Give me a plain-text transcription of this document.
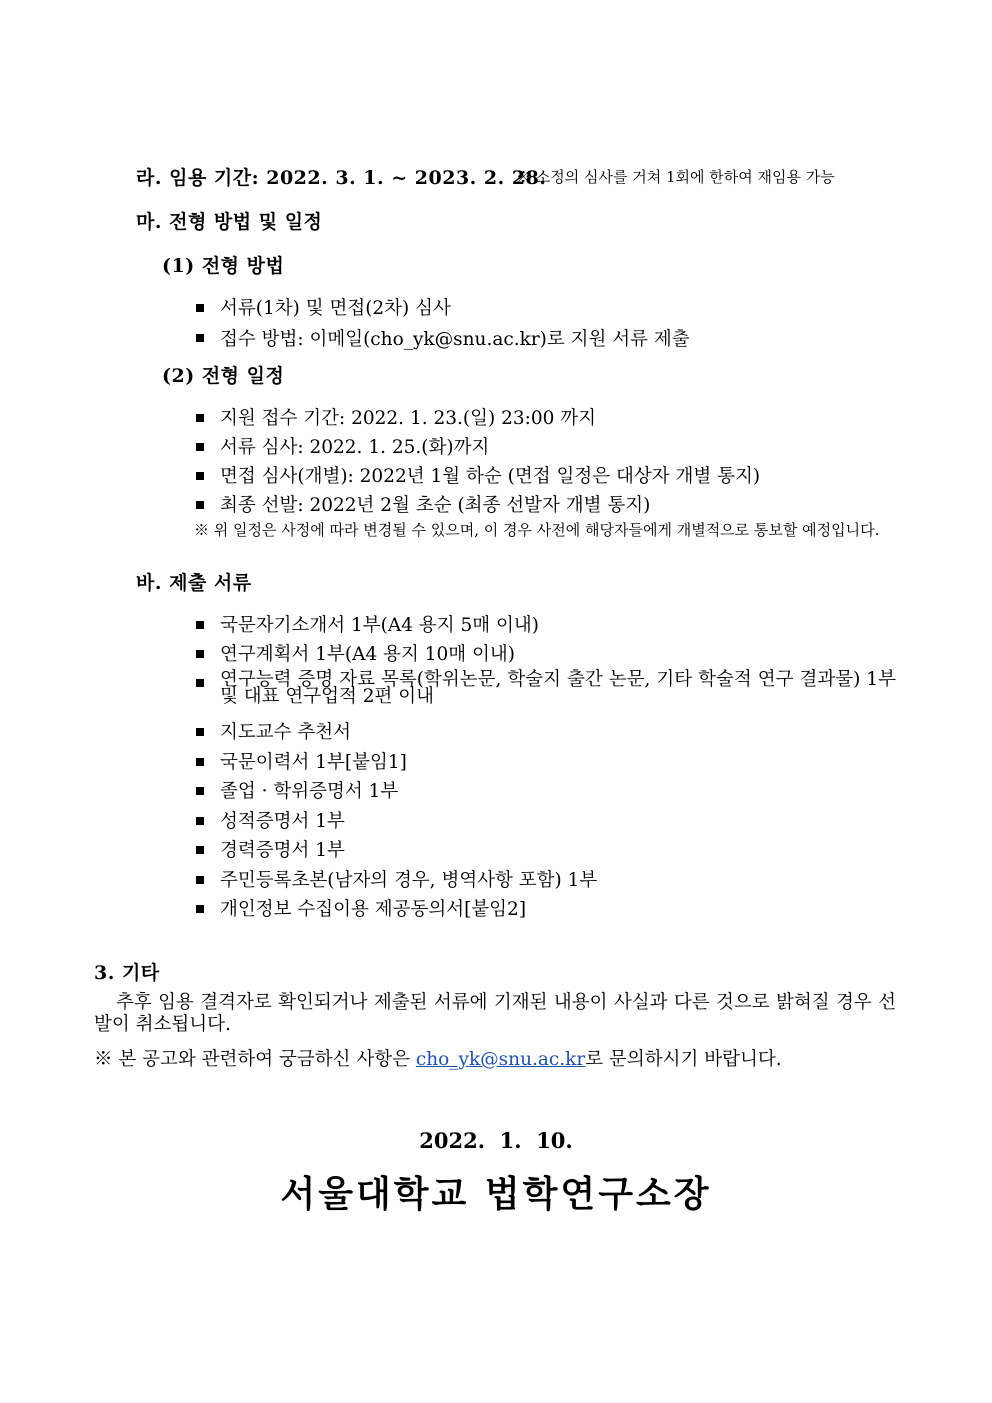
라. 임용 기간: 2022. 3. 1. ~ 2023. 2. 28.
※ 소정의 심사를 거쳐 1회에 한하여 재임용 가능
마. 전형 방법 및 일정
(1) 전형 방법
서류(1차) 및 면접(2차) 심사
접수 방법: 이메일(cho_yk@snu.ac.kr)로 지원 서류 제출
(2) 전형 일정
지원 접수 기간: 2022. 1. 23.(일) 23:00 까지
서류 심사: 2022. 1. 25.(화)까지
면접 심사(개별): 2022년 1월 하순 (면접 일정은 대상자 개별 통지)
최종 선발: 2022년 2월 초순 (최종 선발자 개별 통지)
※ 위 일정은 사정에 따라 변경될 수 있으며, 이 경우 사전에 해당자들에게 개별적으로 통보할 예정입니다.
바. 제출 서류
국문자기소개서 1부(A4 용지 5매 이내)
연구계획서 1부(A4 용지 10매 이내)
연구능력 증명 자료 목록(학위논문, 학술지 출간 논문, 기타 학술적 연구 결과물) 1부 및 대표 연구업적 2편 이내
지도교수 추천서
국문이력서 1부[붙임1]
졸업 · 학위증명서 1부
성적증명서 1부
경력증명서 1부
주민등록초본(남자의 경우, 병역사항 포함) 1부
개인정보 수집이용 제공동의서[붙임2]
3. 기타
추후 임용 결격자로 확인되거나 제출된 서류에 기재된 내용이 사실과 다른 것으로 밝혀질 경우 선발이 취소됩니다.
※ 본 공고와 관련하여 궁금하신 사항은 cho_yk@snu.ac.kr로 문의하시기 바랍니다.
2022.  1.  10.
서울대학교 법학연구소장
